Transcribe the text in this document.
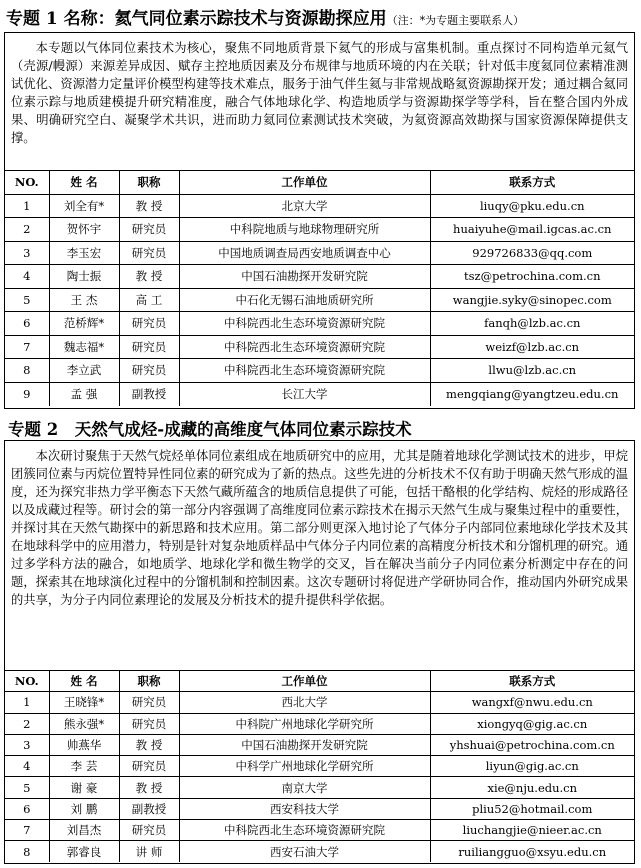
专题 1 名称：氦气同位素示踪技术与资源勘探应用（注：*为专题主要联系人）

本专题以气体同位素技术为核心，聚焦不同地质背景下氦气的形成与富集机制。重点探讨不同构造单元氦气（壳源/幔源）来源差异成因、赋存主控地质因素及分布规律与地质环境的内在关联；针对低丰度氦同位素精准测试优化、资源潜力定量评价模型构建等技术难点，服务于油气伴生氦与非常规战略氦资源勘探开发；通过耦合氦同位素示踪与地质建模提升研究精准度，融合气体地球化学、构造地质学与资源勘探学等学科，旨在整合国内外成果、明确研究空白、凝聚学术共识，进而助力氦同位素测试技术突破，为氦资源高效勘探与国家资源保障提供支撑。

NO.	姓 名	职称	工作单位	联系方式
1	刘全有*	教 授	北京大学	liuqy@pku.edu.cn
2	贺怀宇	研究员	中科院地质与地球物理研究所	huaiyuhe@mail.igcas.ac.cn
3	李玉宏	研究员	中国地质调查局西安地质调查中心	929726833@qq.com
4	陶士振	教 授	中国石油勘探开发研究院	tsz@petrochina.com.cn
5	王 杰	高 工	中石化无锡石油地质研究所	wangjie.syky@sinopec.com
6	范桥辉*	研究员	中科院西北生态环境资源研究院	fanqh@lzb.ac.cn
7	魏志福*	研究员	中科院西北生态环境资源研究院	weizf@lzb.ac.cn
8	李立武	研究员	中科院西北生态环境资源研究院	llwu@lzb.ac.cn
9	孟 强	副教授	长江大学	mengqiang@yangtzeu.edu.cn
专题 2　天然气成烃-成藏的高维度气体同位素示踪技术

本次研讨聚焦于天然气烷烃单体同位素组成在地质研究中的应用，尤其是随着地球化学测试技术的进步，甲烷团簇同位素与丙烷位置特异性同位素的研究成为了新的热点。这些先进的分析技术不仅有助于明确天然气形成的温度，还为探究非热力学平衡态下天然气藏所蕴含的地质信息提供了可能，包括干酪根的化学结构、烷烃的形成路径以及成藏过程等。研讨会的第一部分内容强调了高维度同位素示踪技术在揭示天然气生成与聚集过程中的重要性，并探讨其在天然气勘探中的新思路和技术应用。第二部分则更深入地讨论了气体分子内部同位素地球化学技术及其在地球科学中的应用潜力，特别是针对复杂地质样品中气体分子内同位素的高精度分析技术和分馏机理的研究。通过多学科方法的融合，如地质学、地球化学和微生物学的交叉，旨在解决当前分子内同位素分析测定中存在的问题，探索其在地球演化过程中的分馏机制和控制因素。这次专题研讨将促进产学研协同合作，推动国内外研究成果的共享，为分子内同位素理论的发展及分析技术的提升提供科学依据。

NO.	姓 名	职称	工作单位	联系方式
1	王晓锋*	研究员	西北大学	wangxf@nwu.edu.cn
2	熊永强*	研究员	中科院广州地球化学研究所	xiongyq@gig.ac.cn
3	帅燕华	教 授	中国石油勘探开发研究院	yhshuai@petrochina.com.cn
4	李 芸	研究员	中科学广州地球化学研究所	liyun@gig.ac.cn
5	谢 豪	教 授	南京大学	xie@nju.edu.cn
6	刘 鹏	副教授	西安科技大学	pliu52@hotmail.com
7	刘昌杰	研究员	中科院西北生态环境资源研究院	liuchangjie@nieer.ac.cn
8	郭睿良	讲 师	西安石油大学	ruiliangguo@xsyu.edu.cn
